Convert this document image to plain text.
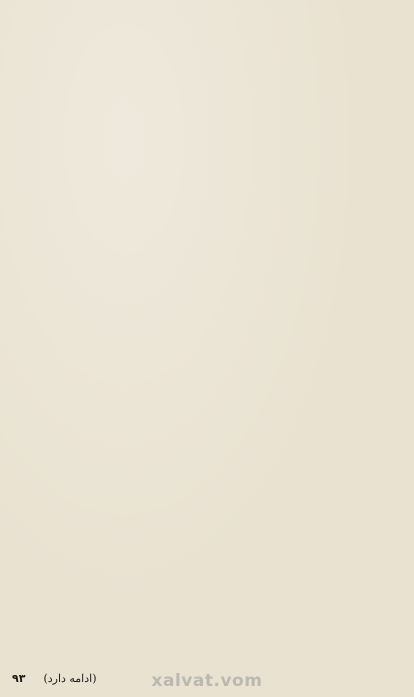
۹۳ (ادامه دارد)	xalvat.vom
